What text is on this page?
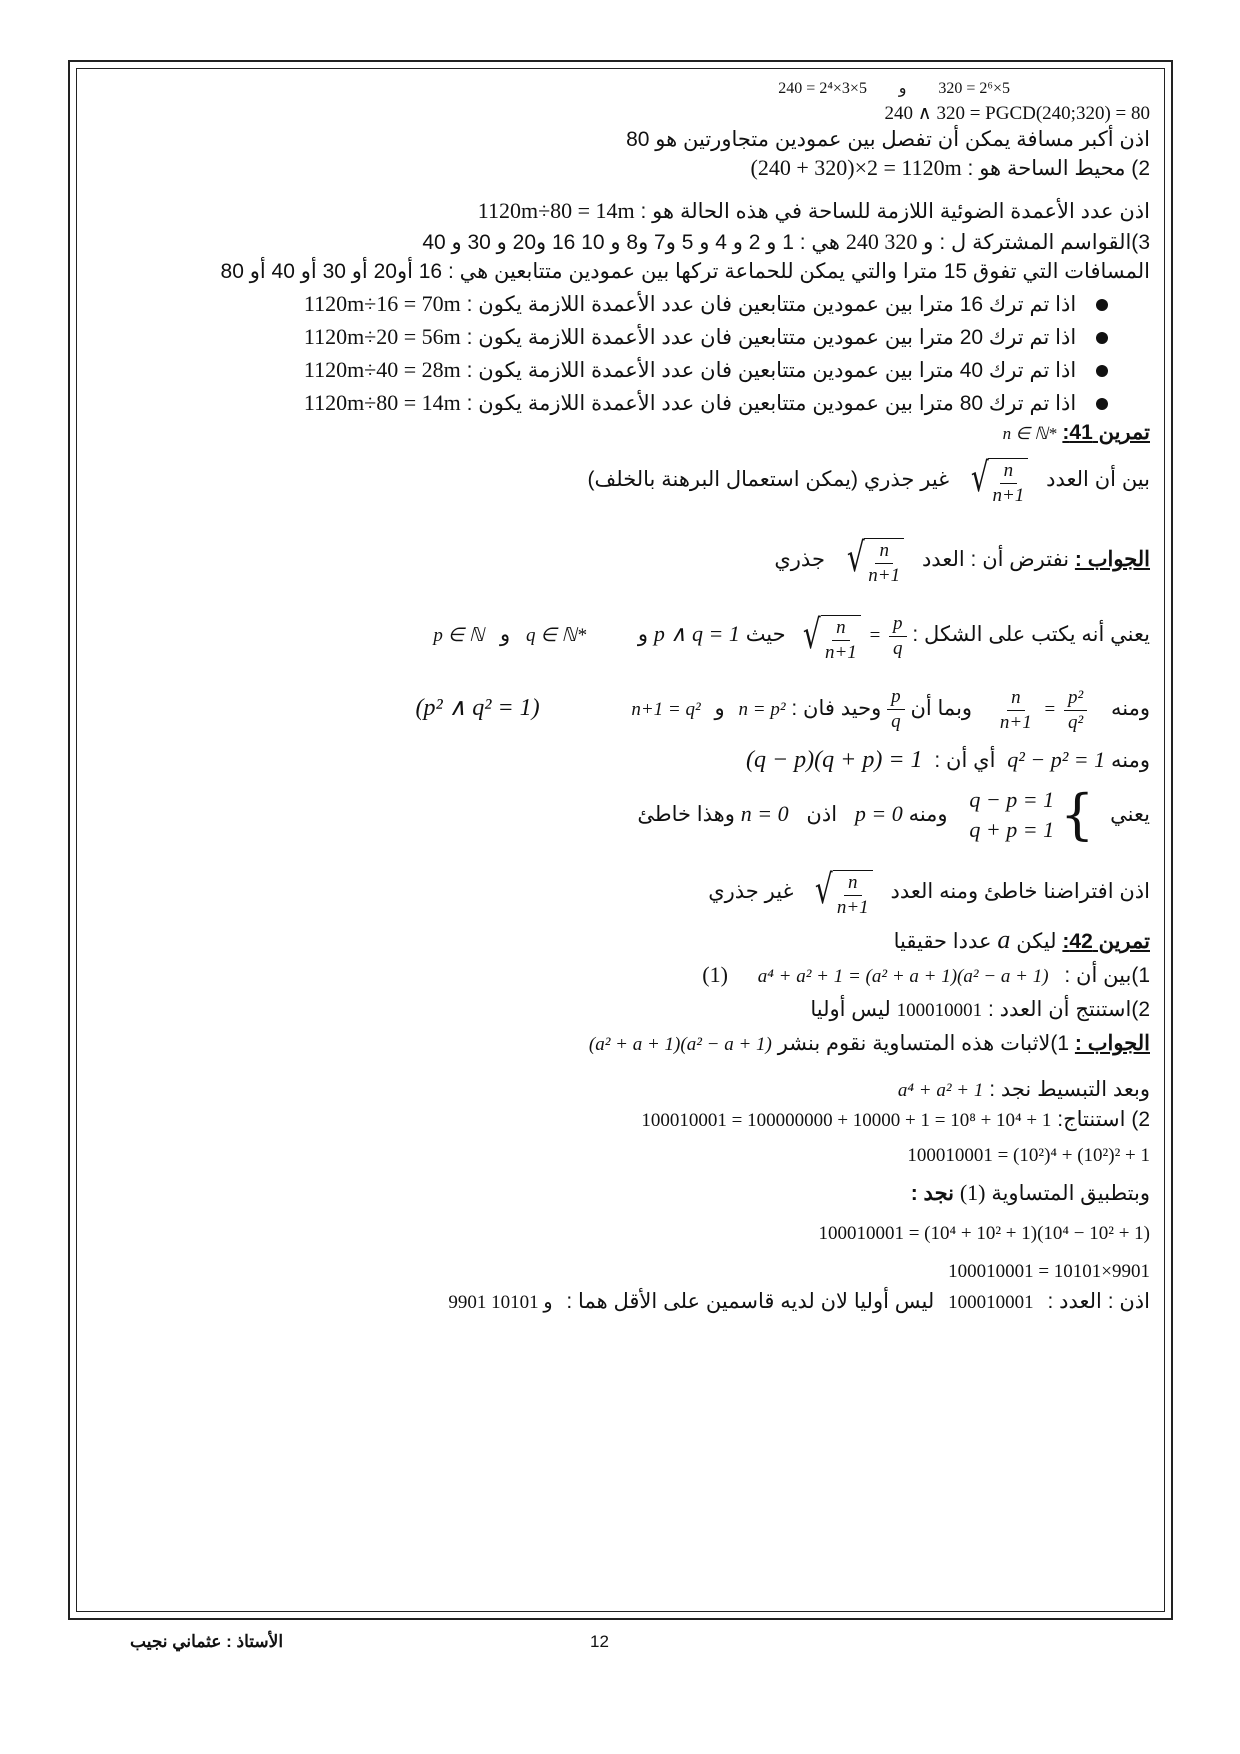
320 = 2⁶×5 و 240 = 2⁴×3×5
240 ∧ 320 = PGCD(240;320) = 80
اذن أكبر مسافة يمكن أن تفصل بين عمودين متجاورتين هو 80
2) محيط الساحة هو : (240 + 320)×2 = 1120m
اذن عدد الأعمدة الضوئية اللازمة للساحة في هذه الحالة هو : 1120m÷80 = 14m
3)القواسم المشتركة ل : 240 و 320 هي : 1 و 2 و 4 و 5 و7 و8 و 10 16 و20 و 30 و 40
المسافات التي تفوق 15 مترا والتي يمكن للحماعة تركها بين عمودين متتابعين هي : 16 أو20 أو 30 أو 40 أو 80
اذا تم ترك 16 مترا بين عمودين متتابعين فان عدد الأعمدة اللازمة يكون : 1120m÷16 = 70m
اذا تم ترك 20 مترا بين عمودين متتابعين فان عدد الأعمدة اللازمة يكون : 1120m÷20 = 56m
اذا تم ترك 40 مترا بين عمودين متتابعين فان عدد الأعمدة اللازمة يكون : 1120m÷40 = 28m
اذا تم ترك 80 مترا بين عمودين متتابعين فان عدد الأعمدة اللازمة يكون : 1120m÷80 = 14m
تمرين 41: n ∈ ℕ*
بين أن العدد
√ $\frac{n}{n+1}$
غير جذري (يمكن استعمال البرهنة بالخلف)
الجواب : نفترض أن : العدد
√ $\frac{n}{n+1}$
جذري
يعني أنه يكتب على الشكل :
√ $\frac{n}{n+1} = \frac{p}{q}$
حيث p ∧ q = 1 و  q ∈ ℕ* و p ∈ ℕ
ومنه
$\frac{n}{n+1} = \frac{\text{p²}}{\text{q²}}$
وبما أن
$\frac{p}{q}$
وحيد فان : n = p² و n+1 = q²  (p² ∧ q² = 1)
ومنه q² − p² = 1 أي أن : (q − p)(q + p) = 1
يعني {
q − p = 1
q + p = 1
ومنه p = 0 اذن n = 0 وهذا خاطئ
اذن افتراضنا خاطئ ومنه العدد
√ $\frac{n}{n+1}$
غير جذري
تمرين 42: ليكن a عددا حقيقيا
1)بين أن : a⁴ + a² + 1 = (a² + a + 1)(a² − a + 1) (1)
2)استنتج أن العدد : 100010001 ليس أوليا
الجواب : 1)لاثبات هذه المتساوية نقوم بنشر (a² + a + 1)(a² − a + 1)
وبعد التبسيط نجد : a⁴ + a² + 1
2) استنتاج: 100010001 = 100000000 + 10000 + 1 = 10⁸ + 10⁴ + 1
100010001 = (10²)⁴ + (10²)² + 1
وبتطبيق المتساوية (1) نجد :
100010001 = (10⁴ + 10² + 1)(10⁴ − 10² + 1)
100010001 = 10101×9901
اذن : العدد : 100010001 ليس أوليا لان لديه قاسمين على الأقل هما : 9901 و 10101
12
الأستاذ : عثماني نجيب
